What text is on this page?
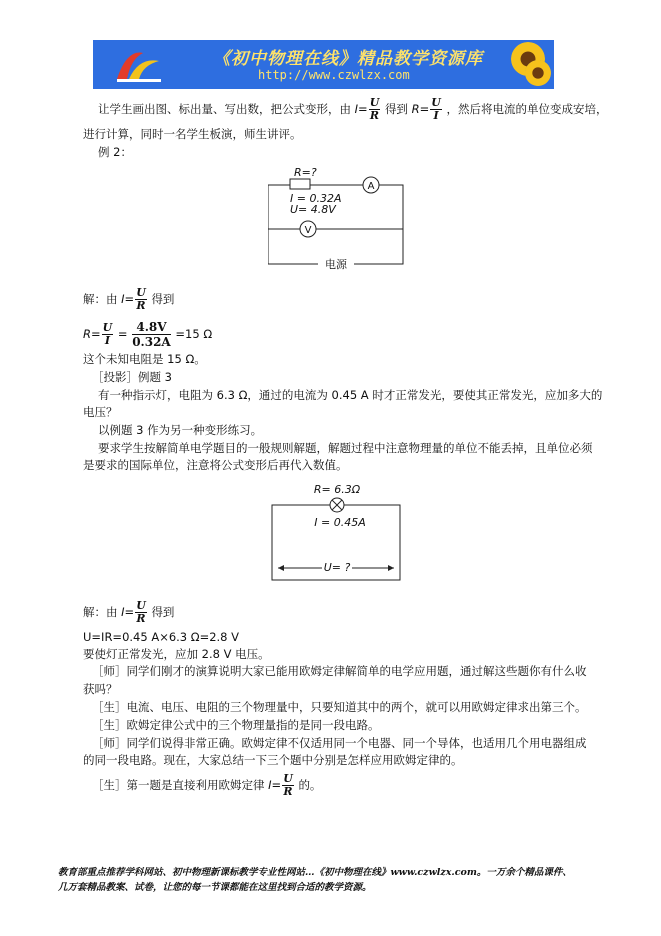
《初中物理在线》精品教学资源库
http://www.czwlzx.com
让学生画出图、标出量、写出数，把公式变形，由 $I= \frac{U}{R}$ 得到 $R= \frac{U}{I}$ ，然后将电流的单位变成安培，
进行计算，同时一名学生板演，师生讲评。
例 2：
A
V
R=?
I = 0.32A
U= 4.8V
电源
解：由 $I= \frac{U}{R}$ 得到
$R= \frac{U}{I} = \frac{4.8V}{0.32A} =15$ Ω
这个未知电阻是 15 Ω。
［投影］例题 3
有一种指示灯，电阻为 6.3 Ω，通过的电流为 0.45 A 时才正常发光，要使其正常发光，应加多大的
电压？
以例题 3 作为另一种变形练习。
要求学生按解简单电学题目的一般规则解题，解题过程中注意物理量的单位不能丢掉，且单位必须
是要求的国际单位，注意将公式变形后再代入数值。
R= 6.3Ω
I = 0.45A
U= ?
解：由 $I= \frac{U}{R}$ 得到
U=IR=0.45 A×6.3 Ω=2.8 V
要使灯正常发光，应加 2.8 V 电压。
［师］同学们刚才的演算说明大家已能用欧姆定律解简单的电学应用题，通过解这些题你有什么收
获吗？
［生］电流、电压、电阻的三个物理量中，只要知道其中的两个，就可以用欧姆定律求出第三个。
［生］欧姆定律公式中的三个物理量指的是同一段电路。
［师］同学们说得非常正确。欧姆定律不仅适用同一个电器、同一个导体，也适用几个用电器组成
的同一段电路。现在，大家总结一下三个题中分别是怎样应用欧姆定律的。
［生］第一题是直接利用欧姆定律 $I= \frac{U}{R}$ 的。
教育部重点推荐学科网站、初中物理新课标教学专业性网站…《初中物理在线》www.czwlzx.com。一万余个精品课件、
几万套精品教案、试卷，让您的每一节课都能在这里找到合适的教学资源。
